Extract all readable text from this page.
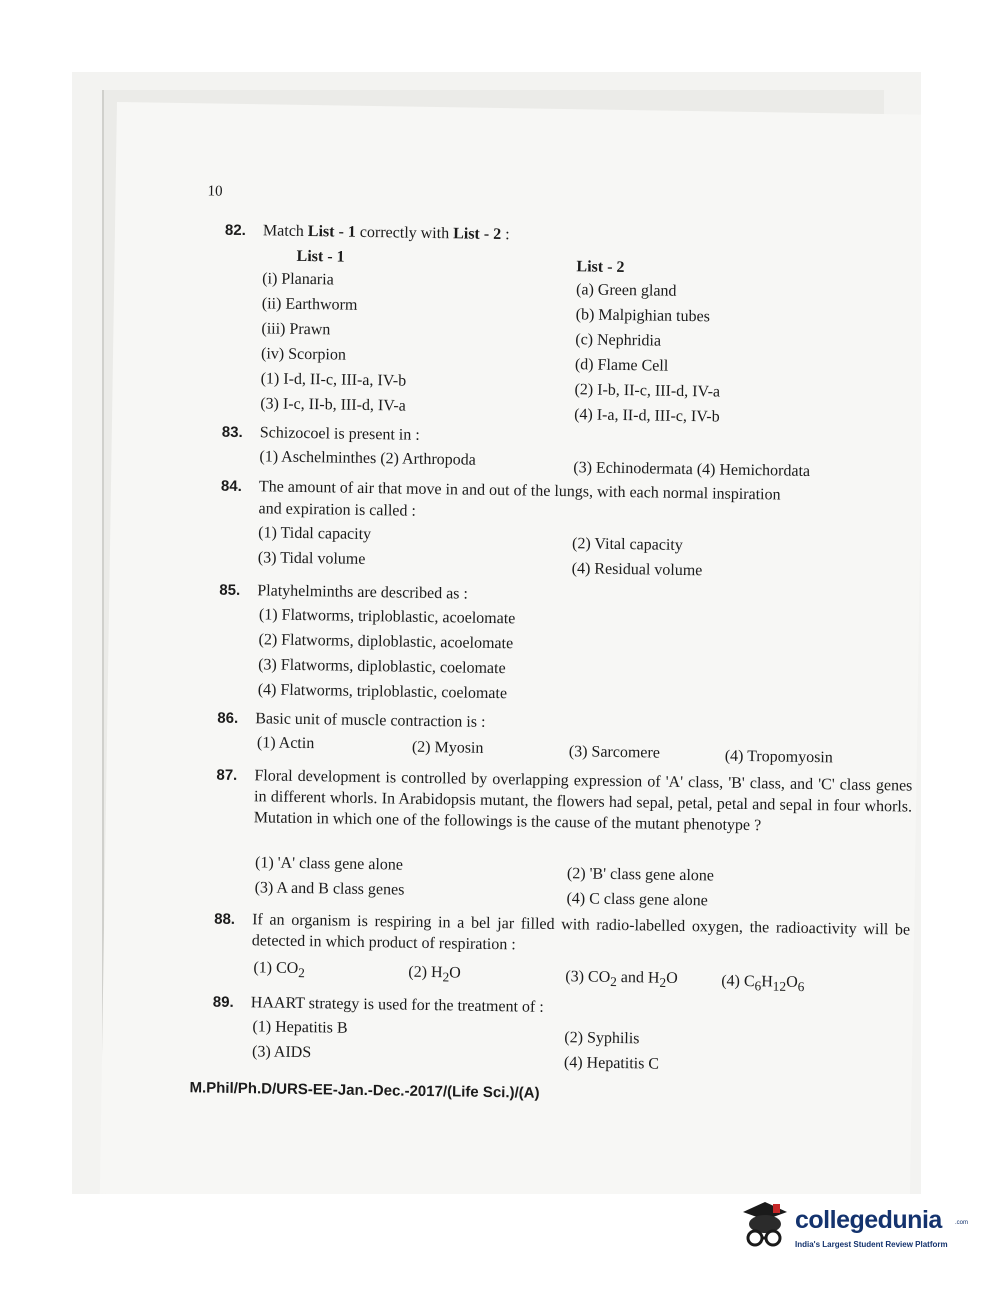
10
82. Match List - 1 correctly with List - 2 :
List - 1
List - 2
(i) Planaria
(ii) Earthworm
(iii) Prawn
(iv) Scorpion
(a) Green gland
(b) Malpighian tubes
(c) Nephridia
(d) Flame Cell
(1) I-d, II-c, III-a, IV-b
(2) I-b, II-c, III-d, IV-a
(3) I-c, II-b, III-d, IV-a
(4) I-a, II-d, III-c, IV-b
83. Schizocoel is present in :
(1) Aschelminthes (2) Arthropoda
(3) Echinodermata (4) Hemichordata
84. The amount of air that move in and out of the lungs, with each normal inspiration
and expiration is called :
(1) Tidal capacity
(2) Vital capacity
(3) Tidal volume
(4) Residual volume
85. Platyhelminths are described as :
(1) Flatworms, triploblastic, acoelomate
(2) Flatworms, diploblastic, acoelomate
(3) Flatworms, diploblastic, coelomate
(4) Flatworms, triploblastic, coelomate
86. Basic unit of muscle contraction is :
(1) Actin	(2) Myosin	(3) Sarcomere	(4) Tropomyosin
87. Floral development is controlled by overlapping expression of 'A' class, 'B' class, and 'C' class genes in different whorls. In Arabidopsis mutant, the flowers had sepal, petal, petal and sepal in four whorls. Mutation in which one of the followings is the cause of the mutant phenotype ?
(1) 'A' class gene alone
(2) 'B' class gene alone
(3) A and B class genes
(4) C class gene alone
88. If an organism is respiring in a bel jar filled with radio-labelled oxygen, the radioactivity will be detected in which product of respiration :
(1) $CO_2$	(2) $H_2O$	(3) $CO_2$ and $H_2O$	(4) $C_6H_{12}O_6$
89. HAART strategy is used for the treatment of :
(1) Hepatitis B
(2) Syphilis
(3) AIDS
(4) Hepatitis C
M.Phil/Ph.D/URS-EE-Jan.-Dec.-2017/(Life Sci.)/(A)
collegedunia .com
India's Largest Student Review Platform
